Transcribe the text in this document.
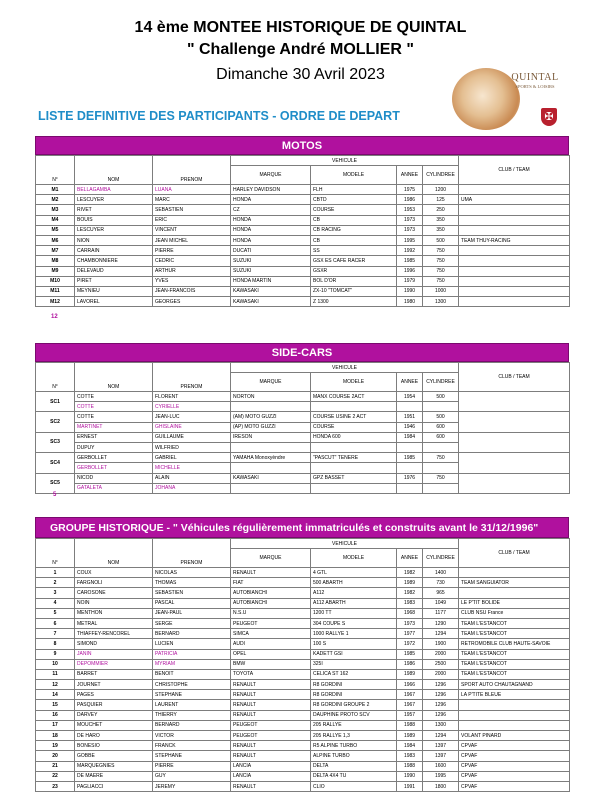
14 ème MONTEE HISTORIQUE DE QUINTAL
" Challenge André MOLLIER "
Dimanche 30 Avril 2023	QUINTAL
SPORTS & LOISIRS
✠
LISTE DEFINITIVE DES PARTICIPANTS - ORDRE DE DEPART
MOTOS
N°	NOM	PRENOM	VEHICULE				CLUB / TEAM
			MARQUE	MODELE	ANNEE	CYLINDREE	
M1	BELLAGAMBA	LUANA	HARLEY DAVIDSON	FLH	1975	1200	
M2	LESCUYER	MARC	HONDA	CBTD	1986	125	UMA
M3	RIVET	SEBASTIEN	CZ	COURSE	1953	250	
M4	BOUIS	ERIC	HONDA	CB	1973	350	
M5	LESCUYER	VINCENT	HONDA	CB RACING	1973	350	
M6	NION	JEAN MICHEL	HONDA	CB	1995	500	TEAM THUY-RACING
M7	CARRAIN	PIERRE	DUCATI	SS	1992	750	
M8	CHAMBONNIERE	CEDRIC	SUZUKI	GSX ES CAFE RACER	1985	750	
M9	DELEVAUD	ARTHUR	SUZUKI	GSXR	1996	750	
M10	PIRET	YVES	HONDA MARTIN	BOL D'OR	1979	750	
M11	MEYNIEU	JEAN-FRANCOIS	KAWASAKI	ZX-10 "TOMCAT"	1990	1000	
M12	LAVOREL	GEORGES	KAWASAKI	Z 1300	1980	1300	
12
SIDE-CARS
N°	NOM	PRENOM	VEHICULE				CLUB / TEAM
			MARQUE	MODELE	ANNEE	CYLINDREE	
SC1	COTTE	FLORENT	NORTON	MANX COURSE 2ACT	1954	500	
	COTTE	CYRIELLE					
SC2	COTTE	JEAN-LUC	(AM) MOTO GUZZI	COURSE USINE 2 ACT	1951	500	
	MARTINET	GHISLAINE	(AP) MOTO GUZZI	COURSE	1946	600	
SC3	ERNEST	GUILLAUME	IRESON	HONDA 600	1984	600	
	DUPUY	WILFRIED					
SC4	GERBOLLET	GABRIEL	YAMAHA Monoxyèndre	"PASCUT" TENERE	1985	750	
	GERBOLLET	MICHELLE					
SC5	NICOD	ALAIN	KAWASAKI	GPZ BASSET	1976	750	
	GATALETA	JOHANA					
5
GROUPE HISTORIQUE - " Véhicules régulièrement immatriculés et construits avant le 31/12/1996"
N°	NOM	PRENOM	VEHICULE				CLUB / TEAM
			MARQUE	MODELE	ANNEE	CYLINDREE	
1	COUX	NICOLAS	RENAULT	4 GTL	1982	1400	
2	FARGNOLI	THOMAS	FIAT	500 ABARTH	1989	730	TEAM SANGUIATOR
3	CAROSONE	SEBASTIEN	AUTOBIANCHI	A112	1982	965	
4	NOIN	PASCAL	AUTOBIANCHI	A112 ABARTH	1983	1049	LE P'TIT BOLIDE
5	MENTHON	JEAN-PAUL	N.S.U	1200 TT	1968	1177	CLUB NSU France
6	METRAL	SERGE	PEUGEOT	304 COUPE S	1973	1290	TEAM L'ESTANCOT
7	THIAFFEY-RENCOREL	BERNARD	SIMCA	1000 RALLYE 1	1977	1294	TEAM L'ESTANCOT
8	SIMOND	LUCIEN	AUDI	100 S	1972	1900	RETROMOBILE CLUB HAUTE-SAVOIE
9	JANIN	PATRICIA	OPEL	KADETT GSI	1985	2000	TEAM L'ESTANCOT
10	DEPOMMIER	MYRIAM	BMW	325I	1986	2500	TEAM L'ESTANCOT
11	BARRET	BENOIT	TOYOTA	CELICA ST 162	1989	2000	TEAM L'ESTANCOT
12	JOURNET	CHRISTOPHE	RENAULT	R8 GORDINI	1966	1296	SPORT AUTO CHAUTAGNAND
14	PAGES	STEPHANE	RENAULT	R8 GORDINI	1967	1296	LA P'TITE BLEUE
15	PASQUIER	LAURENT	RENAULT	R8 GORDINI GROUPE 2	1967	1296	
16	DARVEY	THIERRY	RENAULT	DAUPHINE PROTO SCV	1957	1296	
17	MOUCHET	BERNARD	PEUGEOT	205 RALLYE	1988	1300	
18	DE HARO	VICTOR	PEUGEOT	205 RALLYE 1,3	1989	1294	VOLANT PINARD
19	BONESIO	FRANCK	RENAULT	R5 ALPINE TURBO	1984	1397	CPVAF
20	GOBBE	STEPHANE	RENAULT	ALPINE TURBO	1983	1397	CPVAF
21	MARQUEGNIES	PIERRE	LANCIA	DELTA	1988	1600	CPVAF
22	DE MAERE	GUY	LANCIA	DELTA 4X4 TU	1990	1995	CPVAF
23	PAGLIACCI	JEREMY	RENAULT	CLIO	1991	1800	CPVAF
